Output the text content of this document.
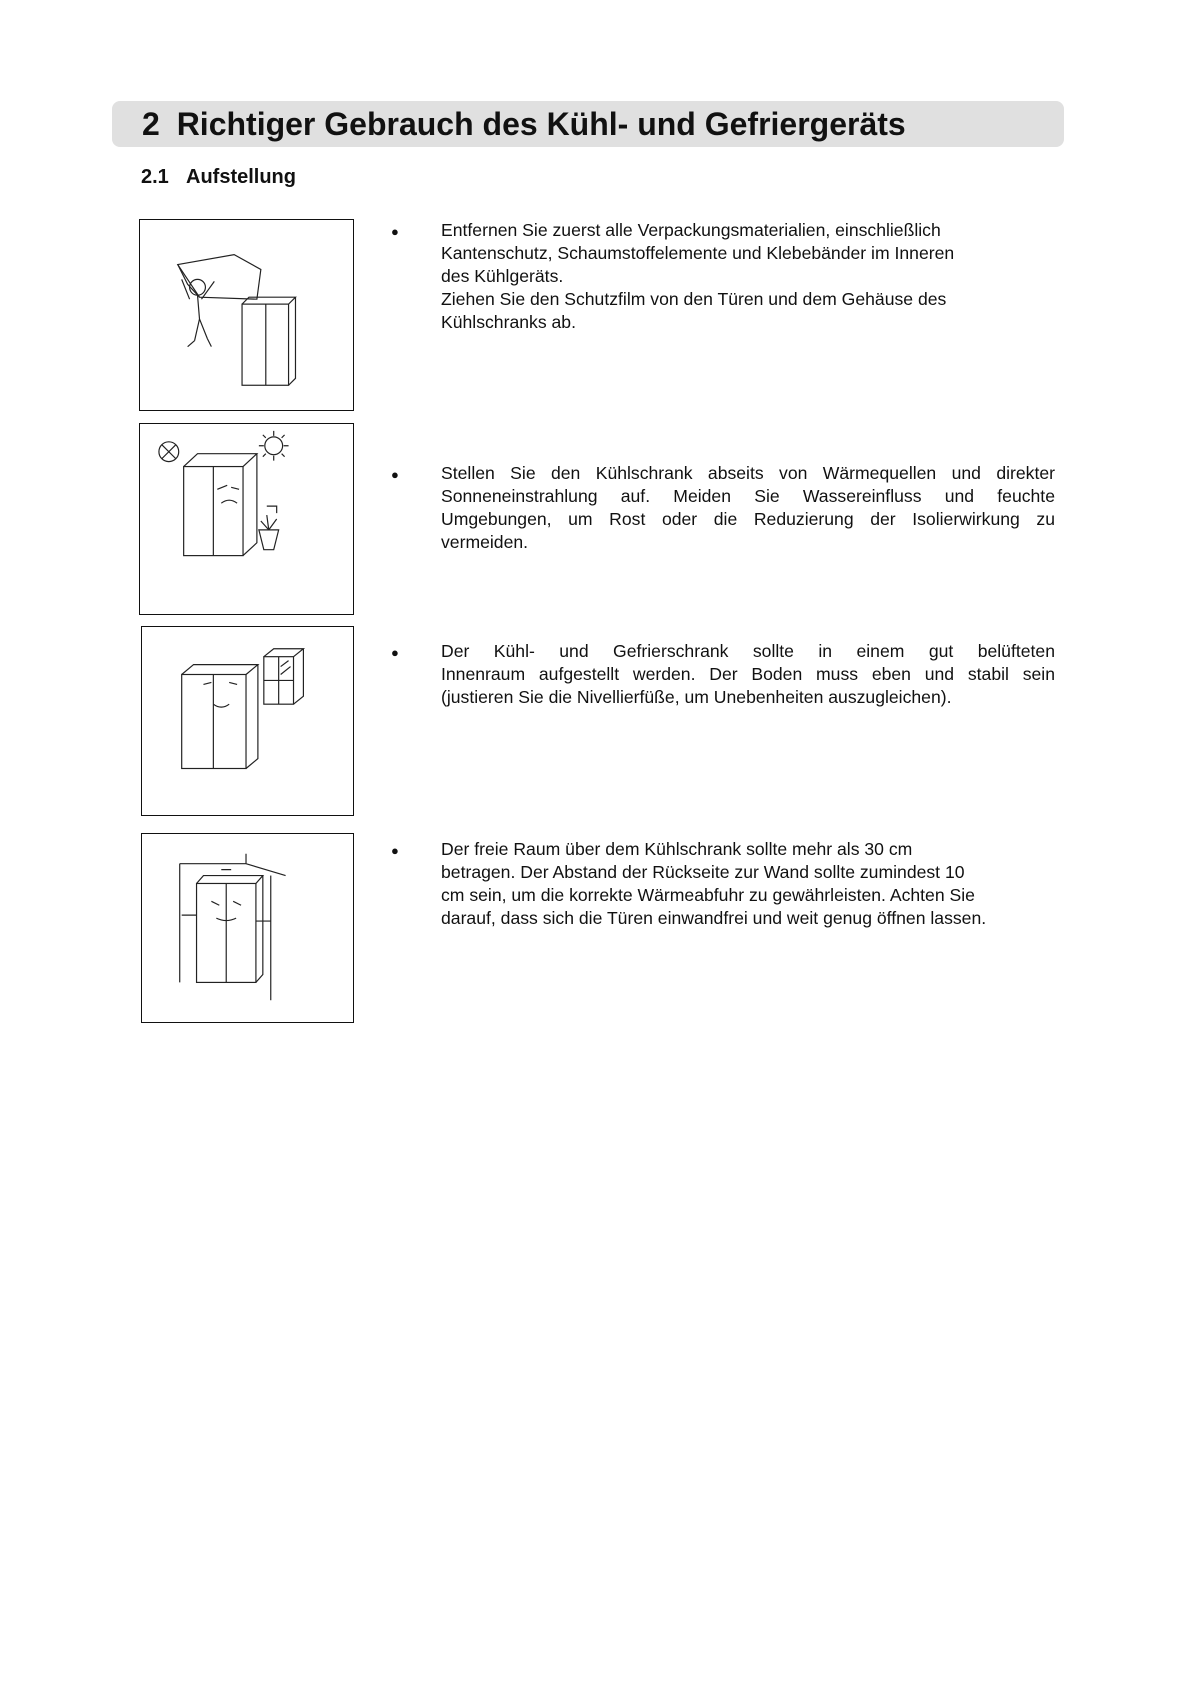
2 Richtiger Gebrauch des Kühl- und Gefriergeräts
2.1 Aufstellung
● Entfernen Sie zuerst alle Verpackungsmaterialien, einschließlich
Kantenschutz, Schaumstoffelemente und Klebebänder im Inneren
des Kühlgeräts.
Ziehen Sie den Schutzfilm von den Türen und dem Gehäuse des
Kühlschranks ab.

● Stellen Sie den Kühlschrank abseits von Wärmequellen und direkter
Sonneneinstrahlung auf. Meiden Sie Wassereinfluss und feuchte
Umgebungen, um Rost oder die Reduzierung der Isolierwirkung zu
vermeiden.

● Der Kühl- und Gefrierschrank sollte in einem gut belüfteten
Innenraum aufgestellt werden. Der Boden muss eben und stabil sein
(justieren Sie die Nivellierfüße, um Unebenheiten auszugleichen).

● Der freie Raum über dem Kühlschrank sollte mehr als 30 cm
betragen. Der Abstand der Rückseite zur Wand sollte zumindest 10
cm sein, um die korrekte Wärmeabfuhr zu gewährleisten. Achten Sie
darauf, dass sich die Türen einwandfrei und weit genug öffnen lassen.
